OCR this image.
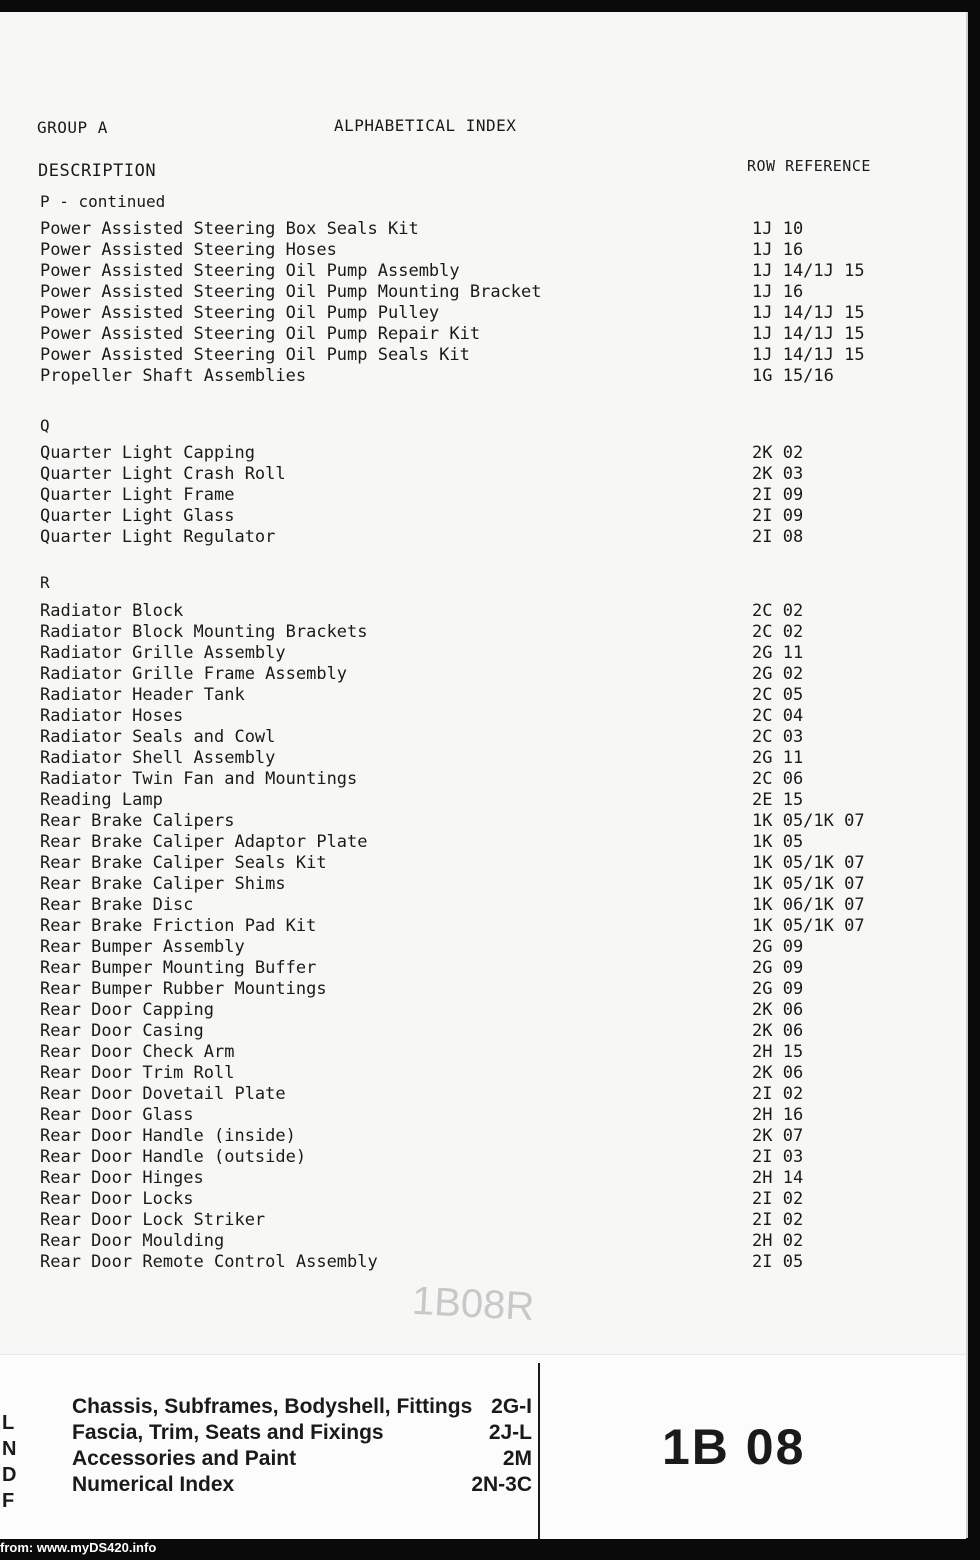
GROUP A	ALPHABETICAL INDEX
DESCRIPTION	ROW REFERENCE
P - continued
Power Assisted Steering Box Seals Kit	1J 10
Power Assisted Steering Hoses	1J 16
Power Assisted Steering Oil Pump Assembly	1J 14/1J 15
Power Assisted Steering Oil Pump Mounting Bracket	1J 16
Power Assisted Steering Oil Pump Pulley	1J 14/1J 15
Power Assisted Steering Oil Pump Repair Kit	1J 14/1J 15
Power Assisted Steering Oil Pump Seals Kit	1J 14/1J 15
Propeller Shaft Assemblies	1G 15/16
Q
Quarter Light Capping	2K 02
Quarter Light Crash Roll	2K 03
Quarter Light Frame	2I 09
Quarter Light Glass	2I 09
Quarter Light Regulator	2I 08
R
Radiator Block	2C 02
Radiator Block Mounting Brackets	2C 02
Radiator Grille Assembly	2G 11
Radiator Grille Frame Assembly	2G 02
Radiator Header Tank	2C 05
Radiator Hoses	2C 04
Radiator Seals and Cowl	2C 03
Radiator Shell Assembly	2G 11
Radiator Twin Fan and Mountings	2C 06
Reading Lamp	2E 15
Rear Brake Calipers	1K 05/1K 07
Rear Brake Caliper Adaptor Plate	1K 05
Rear Brake Caliper Seals Kit	1K 05/1K 07
Rear Brake Caliper Shims	1K 05/1K 07
Rear Brake Disc	1K 06/1K 07
Rear Brake Friction Pad Kit	1K 05/1K 07
Rear Bumper Assembly	2G 09
Rear Bumper Mounting Buffer	2G 09
Rear Bumper Rubber Mountings	2G 09
Rear Door Capping	2K 06
Rear Door Casing	2K 06
Rear Door Check Arm	2H 15
Rear Door Trim Roll	2K 06
Rear Door Dovetail Plate	2I 02
Rear Door Glass	2H 16
Rear Door Handle (inside)	2K 07
Rear Door Handle (outside)	2I 03
Rear Door Hinges	2H 14
Rear Door Locks	2I 02
Rear Door Lock Striker	2I 02
Rear Door Moulding	2H 02
Rear Door Remote Control Assembly	2I 05
1B08R
Chassis, Subframes, Bodyshell, Fittings 2G-I
Fascia, Trim, Seats and Fixings	2J-L
Accessories and Paint	2M
Numerical Index	2N-3C
L
N
D
F
1B 08
from: www.myDS420.info
